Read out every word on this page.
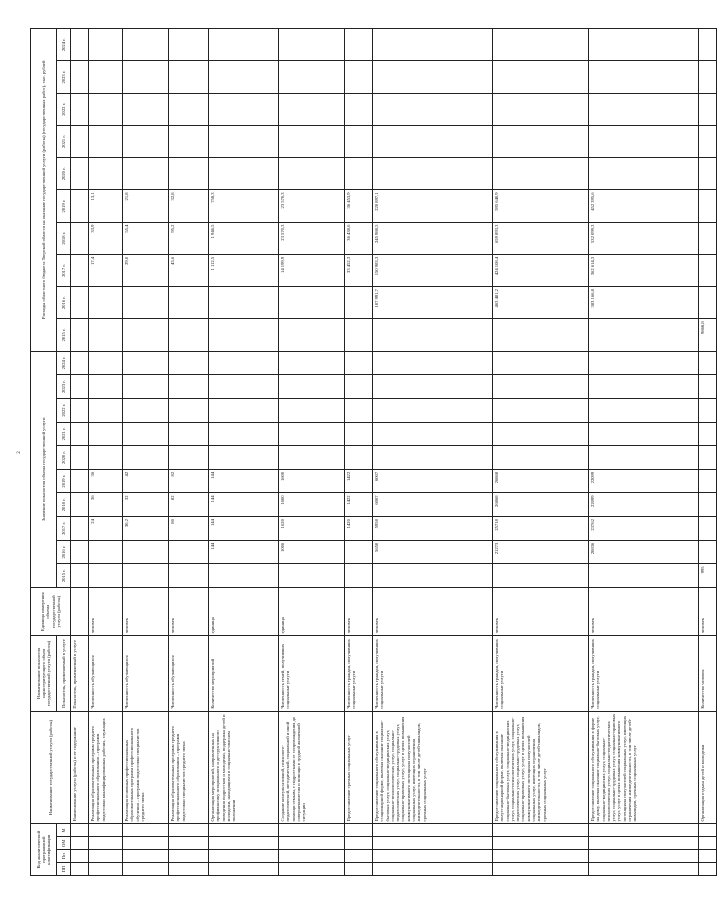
2
Код аналитической программной классификации				Наименование государственной услуги (работы)	Наименование показателя характеризующего объем государственной услуги (работы)	Единица измерения объема государственной услуги (работы)	Значение показателя объема государственной услуги										Расходы областного бюджета Тверской области на оказание государственной услуги (работы) (государственных работ), тыс. рублей									
ПП	Пп	ОМ	М		Показатель, применяемый в услуге		2015 г.	2016 г.	2017 г.	2018 г.	2019 г.	2020 г.	2021 г.	2022 г.	2023 г.	2024 г.	2015 г.	2016 г.	2017 г.	2018 г.	2019 г.	2020 г.	2021 г.	2022 г.	2023 г.	2024 г.
				Наименование услуги (работы) и ее содержание	Показатель, применяемый в услуге																					
				Реализация образовательных программ среднего профессионального образования – программ подготовки квалифицированных рабочих, служащих	Численность обучающихся	человек			24	36	36								17,4	33,9	13,1					
				Реализация основных профессиональных образовательных программ профессионального обучения – программ подготовки специалистов среднего звена	Численность обучающихся	человек			30,2	32	42								29,0	55,4	21,8					
				Реализация образовательных программ среднего профессионального образования – программ подготовки специалистов среднего звена	Численность обучающихся	человек			80	82	82								43,6	95,2	32,8					
				Организация мероприятий, направленных на профилактику асоциального и деструктивного поведения подростков и молодежи, поддержка детей и молодежи, находящихся в социально-опасном положении	Количество мероприятий	единица		144	144	144	144								1 112,5	1 946,5	758,3					
				Создание консультативной, психолого-педагогической, методической, социальной и иной помощи семьям, с подростками от сопровождения до совершеннолетия и помощи в трудной жизненной ситуации	Численность семей, получивших социальные услуги	единица		1006	1620	1600	1600								14 199,9	23 570,3	23 570,3					
				Предоставление срочных социальных услуг	Численность граждан, получивших социальные услуги	человек			1420	1422	1422								33 452,3	36 438,6	36 453,9					
				Предоставление социального обслуживания в стационарной форме, включая оказание социально-бытовых услуг, социально-медицинских услуг, социально-психологических услуг, социально-педагогических услуг, социально-трудовых услуг, социально-правовых услуг, услуг в целях повышения коммуникативного потенциала получателей социальных услуг, имеющих ограничения жизнедеятельности, в том числе детей-инвалидов, срочных социальных услуг	Численность граждан, получивших социальные услуги	человек		5650	5958	6007	6007							107 991,7	150 983,3	245 988,5	220 897,1					
				Предоставление социального обслуживания в полустационарной форме, включая оказание социально-бытовых услуг, социально-медицинских услуг, социально-психологических услуг, социально-педагогических услуг, социально-трудовых услуг, социально-правовых услуг, услуг в целях повышения коммуникативного потенциала получателей социальных услуг, имеющих ограничения жизнедеятельности, в том числе детей-инвалидов, срочных социальных услуг	Численность граждан, получивших социальные услуги	человек		21273	25718	26868	26868							463 481,2	424 108,4	659 893,3	595 640,9					
				Предоставление социального обслуживания в форме на дому, включая оказание социально-бытовых услуг, социально-медицинских услуг, социально-психологических услуг, социально-педагогических услуг, социально-трудовых услуг, социально-правовых услуг, услуг в целях повышения коммуникативного потенциала получателей социальных услуг, имеющих ограничения жизнедеятельности, в том числе детей-инвалидов, срочных социальных услуг	Численность граждан, получивших социальные услуги	человек		20836	23762	22099	22099							383 166,8	362 614,3	532 099,3	452 395,6					
				Организация отдыха детей и молодежи	Количество человек	человек	995										9868,8									
